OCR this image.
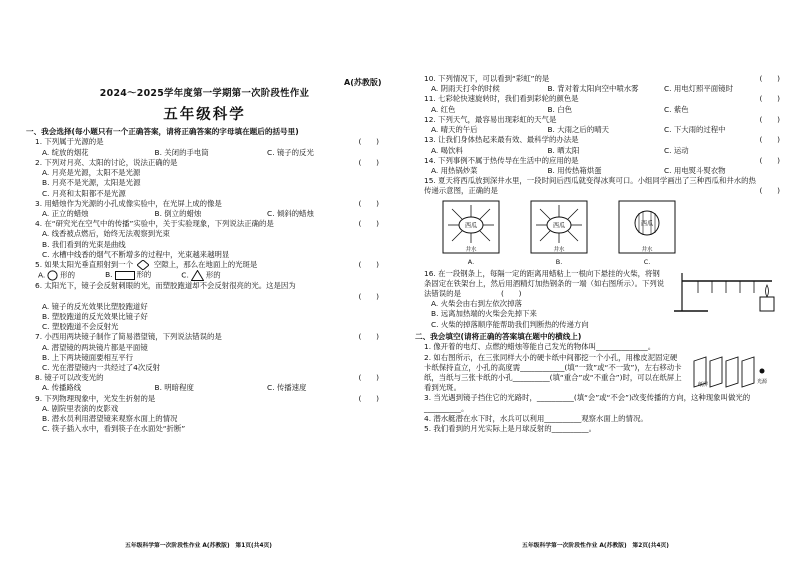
A(苏教版)
2024～2025学年度第一学期第一次阶段性作业
五年级科学
一、我会选择(每小题只有一个正确答案，请将正确答案的字母填在题后的括号里)
1. 下列属于光源的是	(　　)
A. 绽放的烟花	B. 关闭的手电筒	C. 镜子的反光
2. 下列对月亮、太阳的讨论，说法正确的是	(　　)
A. 月亮是光源，太阳不是光源
B. 月亮不是光源，太阳是光源
C. 月亮和太阳都不是光源
3. 用蜡烛作为光源的小孔成像实验中，在光屏上成的像是	(　　)
A. 正立的蜡烛	B. 倒立的蜡烛	C. 倾斜的蜡烛
4. 在“研究光在空气中的传播”实验中，关于实验现象，下列说法正确的是	(　　)
A. 线香被点燃后，始终无法观察到光束
B. 我们看到的光束是曲线
C. 水槽中线香的烟气不断增多的过程中，光束越来越明显
5. 如果太阳光垂直照射到一个	空隙上，那么在地面上的光斑是	(　　)
A. 形的	B.	形的	C. 形的
6. 太阳光下，镜子会反射刺眼的光，而塑胶跑道却不会反射很亮的光。这是因为

(　　)
A. 镜子的反光效果比塑胶跑道好
B. 塑胶跑道的反光效果比镜子好
C. 塑胶跑道不会反射光
7. 小西用两块镜子制作了简易潜望镜，下列说法错误的是	(　　)
A. 潜望镜的两块镜片都是平面镜
B. 上下两块镜面要相互平行
C. 光在潜望镜内一共经过了4次反射
8. 镜子可以改变光的	(　　)
A. 传播路线	B. 明暗程度	C. 传播速度
9. 下列物理现象中，光发生折射的是	(　　)
A. 剧院里表演的皮影戏
B. 潜水员利用潜望镜来观察水面上的情况
C. 筷子插入水中，看到筷子在水面处“折断”
五年级科学第一次阶段性作业 A(苏教版)　第1页(共4页)
10. 下列情况下，可以看到“彩虹”的是	(　　)
A. 阴雨天打伞的时候	B. 背对着太阳向空中喷水雾	C. 用电灯照平面镜时
11. 七彩轮快速旋转时，我们看到彩轮的颜色是	(　　)
A. 红色	B. 白色	C. 紫色
12. 下列天气，最容易出现彩虹的天气是	(　　)
A. 晴天的午后	B. 大雨之后的晴天	C. 下大雨的过程中
13. 让我们身体热起来最有效、最科学的办法是	(　　)
A. 喝饮料	B. 晒太阳	C. 运动
14. 下列事例不属于热传导在生活中的应用的是	(　　)
A. 用热锅炒菜	B. 用传热箱烘蛋	C. 用电熨斗熨衣物
15. 夏天将西瓜放到深井水里，一段时间后西瓜就变得冰爽可口。小组同学画出了三种西瓜和井水的热传递示意图，正确的是	(　　)
西瓜
井水
A.
西瓜
井水
B.
西瓜
井水
C.
16. 在一段钢条上，每隔一定的距离用蜡粘上一根向下悬挂的火柴，将钢条固定在铁架台上，然后用酒精灯加热钢条的一端（如右图所示）。下列说法错误的是	(　　)
A. 火柴会由右到左依次掉落
B. 远离加热端的火柴会先掉下来
C. 火柴的掉落顺序能帮助我们判断热的传递方向
二、我会填空(请将正确的答案填在题中的横线上)
1. 像开着的电灯、点燃的蜡烛等能自己发光的物体叫______________。
2. 如右图所示，在三张同样大小的硬卡纸中间都挖一个小孔，用橡皮泥固定硬卡纸保持直立，小孔的高度需____________(填“一致”或“不一致”)，左右移动卡纸，当纸与三张卡纸的小孔__________(填“重合”或“不重合”)时，可以在纸屏上看到光斑。	纸屏	光源
3. 当光遇到镜子挡住它的光路时，__________(填“会”或“不会”)改变传播的方向，这种现象叫做光的__________。
4. 潜水艇潜在水下时，水兵可以利用__________观察水面上的情况。
5. 我们看到的月光实际上是月球反射的__________。
五年级科学第一次阶段性作业 A(苏教版)　第2页(共4页)
